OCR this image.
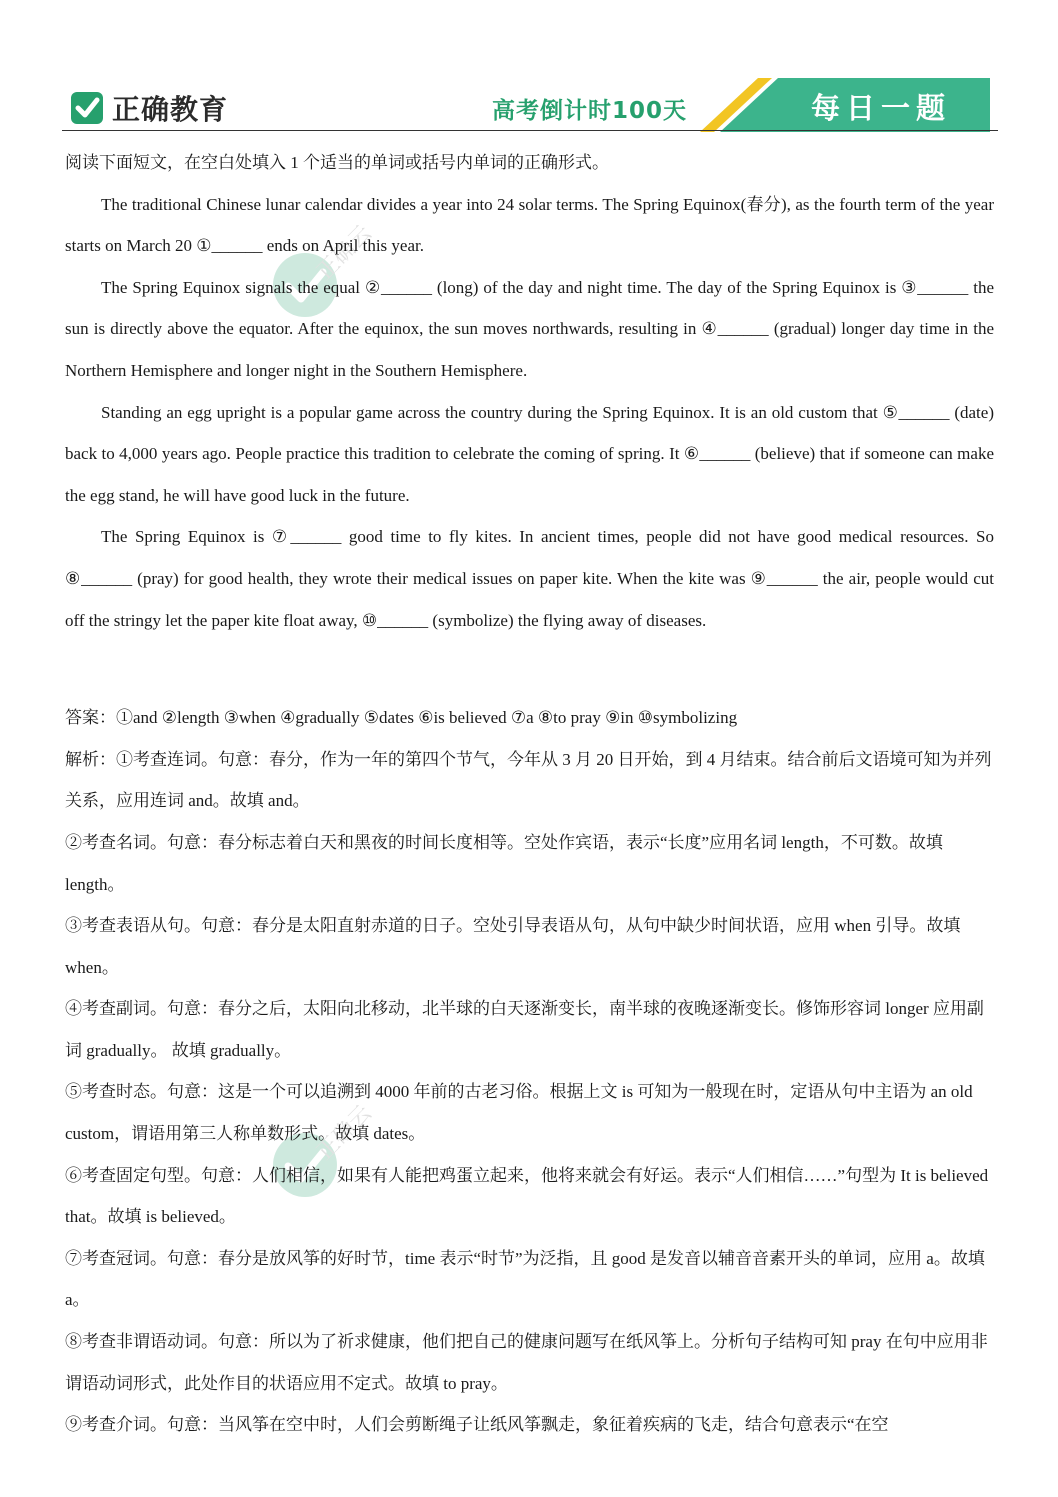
正确教育	高考倒计时100天	每日一题
正确云
正确云

阅读下面短文，在空白处填入 1 个适当的单词或括号内单词的正确形式。

The traditional Chinese lunar calendar divides a year into 24 solar terms. The Spring Equinox(春分), as the fourth term of the year starts on March 20 ①______ ends on April this year.

The Spring Equinox signals the equal ②______ (long) of the day and night time. The day of the Spring Equinox is ③______ the sun is directly above the equator. After the equinox, the sun moves northwards, resulting in ④______ (gradual) longer day time in the Northern Hemisphere and longer night in the Southern Hemisphere.

Standing an egg upright is a popular game across the country during the Spring Equinox. It is an old custom that ⑤______ (date) back to 4,000 years ago. People practice this tradition to celebrate the coming of spring. It ⑥______ (believe) that if someone can make the egg stand, he will have good luck in the future.

The Spring Equinox is ⑦______ good time to fly kites. In ancient times, people did not have good medical resources. So ⑧______ (pray) for good health, they wrote their medical issues on paper kite. When the kite was ⑨______ the air, people would cut off the stringy let the paper kite float away, ⑩______ (symbolize) the flying away of diseases.

答案：①and ②length ③when ④gradually ⑤dates ⑥is believed ⑦a ⑧to pray ⑨in ⑩symbolizing

解析：①考查连词。句意：春分，作为一年的第四个节气，今年从 3 月 20 日开始，到 4 月结束。结合前后文语境可知为并列关系，应用连词 and。故填 and。

②考查名词。句意：春分标志着白天和黑夜的时间长度相等。空处作宾语，表示“长度”应用名词 length，不可数。故填 length。

③考查表语从句。句意：春分是太阳直射赤道的日子。空处引导表语从句，从句中缺少时间状语，应用 when 引导。故填 when。

④考查副词。句意：春分之后，太阳向北移动，北半球的白天逐渐变长，南半球的夜晚逐渐变长。修饰形容词 longer 应用副词 gradually。 故填 gradually。

⑤考查时态。句意：这是一个可以追溯到 4000 年前的古老习俗。根据上文 is 可知为一般现在时，定语从句中主语为 an old custom，谓语用第三人称单数形式。故填 dates。

⑥考查固定句型。句意：人们相信，如果有人能把鸡蛋立起来，他将来就会有好运。表示“人们相信……”句型为 It is believed that。故填 is believed。

⑦考查冠词。句意：春分是放风筝的好时节，time 表示“时节”为泛指，且 good 是发音以辅音音素开头的单词，应用 a。故填 a。

⑧考查非谓语动词。句意：所以为了祈求健康，他们把自己的健康问题写在纸风筝上。分析句子结构可知 pray 在句中应用非谓语动词形式，此处作目的状语应用不定式。故填 to pray。

⑨考查介词。句意：当风筝在空中时，人们会剪断绳子让纸风筝飘走，象征着疾病的飞走，结合句意表示“在空
